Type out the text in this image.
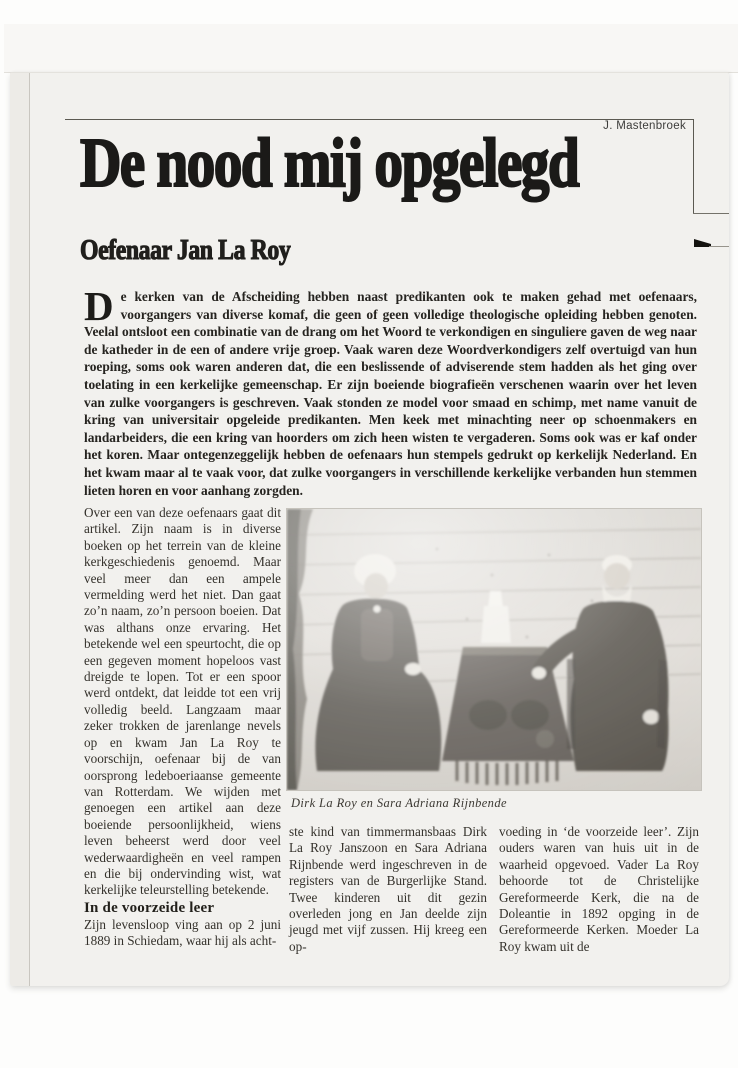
J. Mastenbroek
De nood mij opgelegd
Oefenaar Jan La Roy
De kerken van de Afscheiding hebben naast predikanten ook te maken gehad met oefenaars, voorgangers van diverse komaf, die geen of geen volledige theologische opleiding hebben genoten. Veelal ontsloot een combinatie van de drang om het Woord te verkondigen en singuliere gaven de weg naar de katheder in de een of andere vrije groep. Vaak waren deze Woordverkondigers zelf overtuigd van hun roeping, soms ook waren anderen dat, die een beslissende of adviserende stem hadden als het ging over toelating in een kerkelijke gemeenschap. Er zijn boeiende biografieën verschenen waarin over het leven van zulke voorgangers is geschreven. Vaak stonden ze model voor smaad en schimp, met name vanuit de kring van universitair opgeleide predikanten. Men keek met minachting neer op schoenmakers en landarbeiders, die een kring van hoorders om zich heen wisten te vergaderen. Soms ook was er kaf onder het koren. Maar ontegenzeggelijk hebben de oefenaars hun stempels gedrukt op kerkelijk Nederland. En het kwam maar al te vaak voor, dat zulke voorgangers in verschillende kerkelijke verbanden hun stemmen lieten horen en voor aanhang zorgden.

Over een van deze oefenaars gaat dit artikel. Zijn naam is in diverse boeken op het terrein van de kleine kerkgeschiedenis genoemd. Maar veel meer dan een ampele vermelding werd het niet. Dan gaat zo’n naam, zo’n persoon boeien. Dat was althans onze ervaring. Het betekende wel een speurtocht, die op een gegeven moment hopeloos vast dreigde te lopen. Tot er een spoor werd ontdekt, dat leidde tot een vrij volledig beeld. Langzaam maar zeker trokken de jarenlange nevels op en kwam Jan La Roy te voorschijn, oefenaar bij de van oorsprong ledeboeriaanse gemeente van Rotterdam. We wijden met genoegen een artikel aan deze boeiende persoonlijkheid, wiens leven beheerst werd door veel wederwaardigheën en veel rampen en die bij ondervinding wist, wat kerkelijke teleurstelling betekende.

In de voorzeide leer

Zijn levensloop ving aan op 2 juni 1889 in Schiedam, waar hij als acht-

Dirk La Roy en Sara Adriana Rijnbende

ste kind van timmermansbaas Dirk La Roy Janszoon en Sara Adriana Rijnbende werd ingeschreven in de registers van de Burgerlijke Stand. Twee kinderen uit dit gezin overleden jong en Jan deelde zijn jeugd met vijf zussen. Hij kreeg een op-

voeding in ‘de voorzeide leer’. Zijn ouders waren van huis uit in de waarheid opgevoed. Vader La Roy behoorde tot de Christelijke Gereformeerde Kerk, die na de Doleantie in 1892 opging in de Gereformeerde Kerken. Moeder La Roy kwam uit de
